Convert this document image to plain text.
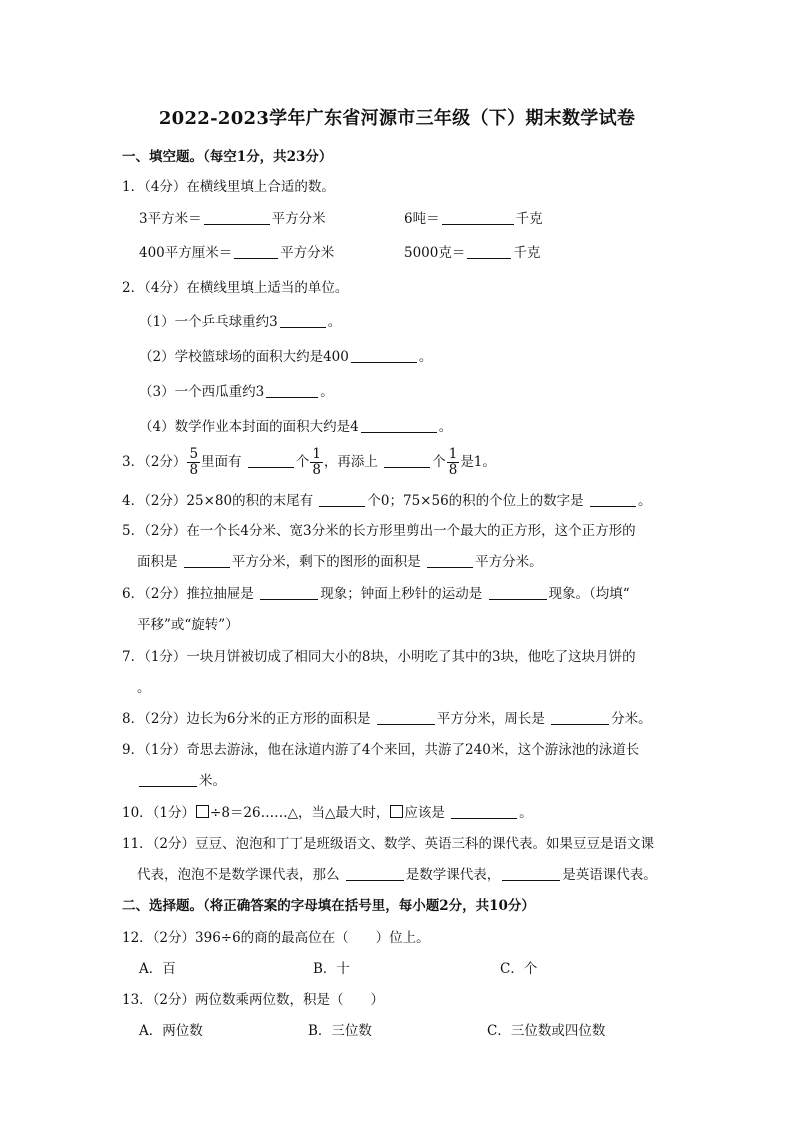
2022-2023学年广东省河源市三年级（下）期末数学试卷
一、填空题。（每空1分，共23分）
1．（4分）在横线里填上合适的数。
3平方米＝	平方分米	6吨＝	千克
400平方厘米＝	平方分米	5000克＝	千克
2．（4分）在横线里填上适当的单位。
（1）一个乒乓球重约3	。
（2）学校篮球场的面积大约是400	。
（3）一个西瓜重约3	。
（4）数学作业本封面的面积大约是4	。
3．（2分） $\frac{5}{8}$ 里面有	个 $\frac{1}{8}$ ，再添上	个 $\frac{1}{8}$ 是1。
4．（2分）25×80的积的末尾有	个0；75×56的积的个位上的数字是	。
5．（2分）在一个长4分米、宽3分米的长方形里剪出一个最大的正方形，这个正方形的
面积是	平方分米，剩下的图形的面积是	平方分米。
6．（2分）推拉抽屉是	现象；钟面上秒针的运动是	现象。（均填“
平移”或“旋转”）
7．（1分）一块月饼被切成了相同大小的8块，小明吃了其中的3块，他吃了这块月饼的
。
8．（2分）边长为6分米的正方形的面积是	平方分米，周长是	分米。
9．（1分）奇思去游泳，他在泳道内游了4个来回，共游了240米，这个游泳池的泳道长
米。
10．（1分） ÷8＝26……△，当△最大时， 应该是	。
11．（2分）豆豆、泡泡和丁丁是班级语文、数学、英语三科的课代表。如果豆豆是语文课
代表，泡泡不是数学课代表，那么	是数学课代表，	是英语课代表。
二、选择题。（将正确答案的字母填在括号里，每小题2分，共10分）
12．（2分）396÷6的商的最高位在（　　）位上。
A．百	B．十	C．个
13．（2分）两位数乘两位数，积是（　　）
A．两位数	B．三位数	C．三位数或四位数
